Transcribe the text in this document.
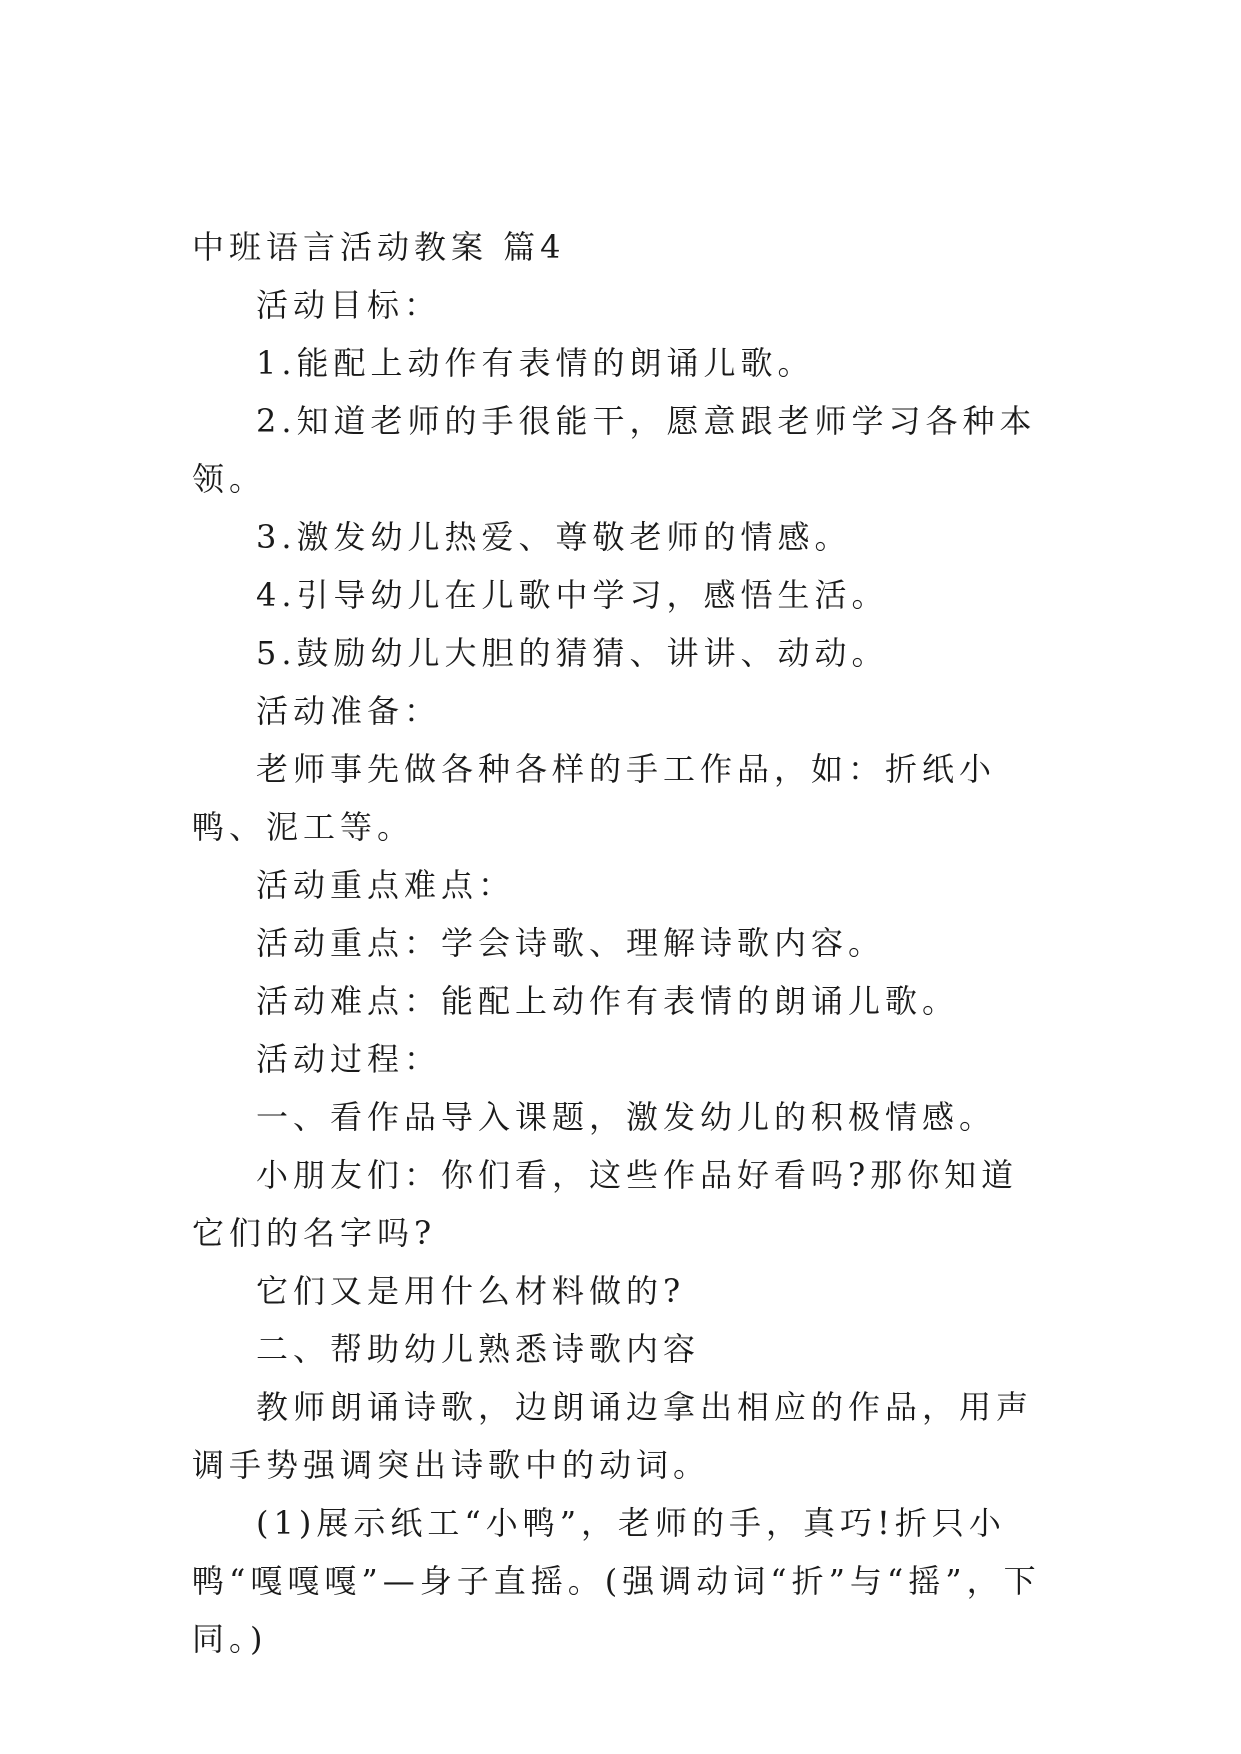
中班语言活动教案 篇4

活动目标：

1.能配上动作有表情的朗诵儿歌。

2.知道老师的手很能干，愿意跟老师学习各种本领。

3.激发幼儿热爱、尊敬老师的情感。

4.引导幼儿在儿歌中学习，感悟生活。

5.鼓励幼儿大胆的猜猜、讲讲、动动。

活动准备：

老师事先做各种各样的手工作品，如：折纸小鸭、泥工等。

活动重点难点：

活动重点：学会诗歌、理解诗歌内容。

活动难点：能配上动作有表情的朗诵儿歌。

活动过程：

一、看作品导入课题，激发幼儿的积极情感。

小朋友们：你们看，这些作品好看吗?那你知道它们的名字吗?

它们又是用什么材料做的?

二、帮助幼儿熟悉诗歌内容

教师朗诵诗歌，边朗诵边拿出相应的作品，用声调手势强调突出诗歌中的动词。

(1)展示纸工“小鸭”，老师的手，真巧!折只小鸭“嘎嘎嘎”—身子直摇。(强调动词“折”与“摇”，下同。)
